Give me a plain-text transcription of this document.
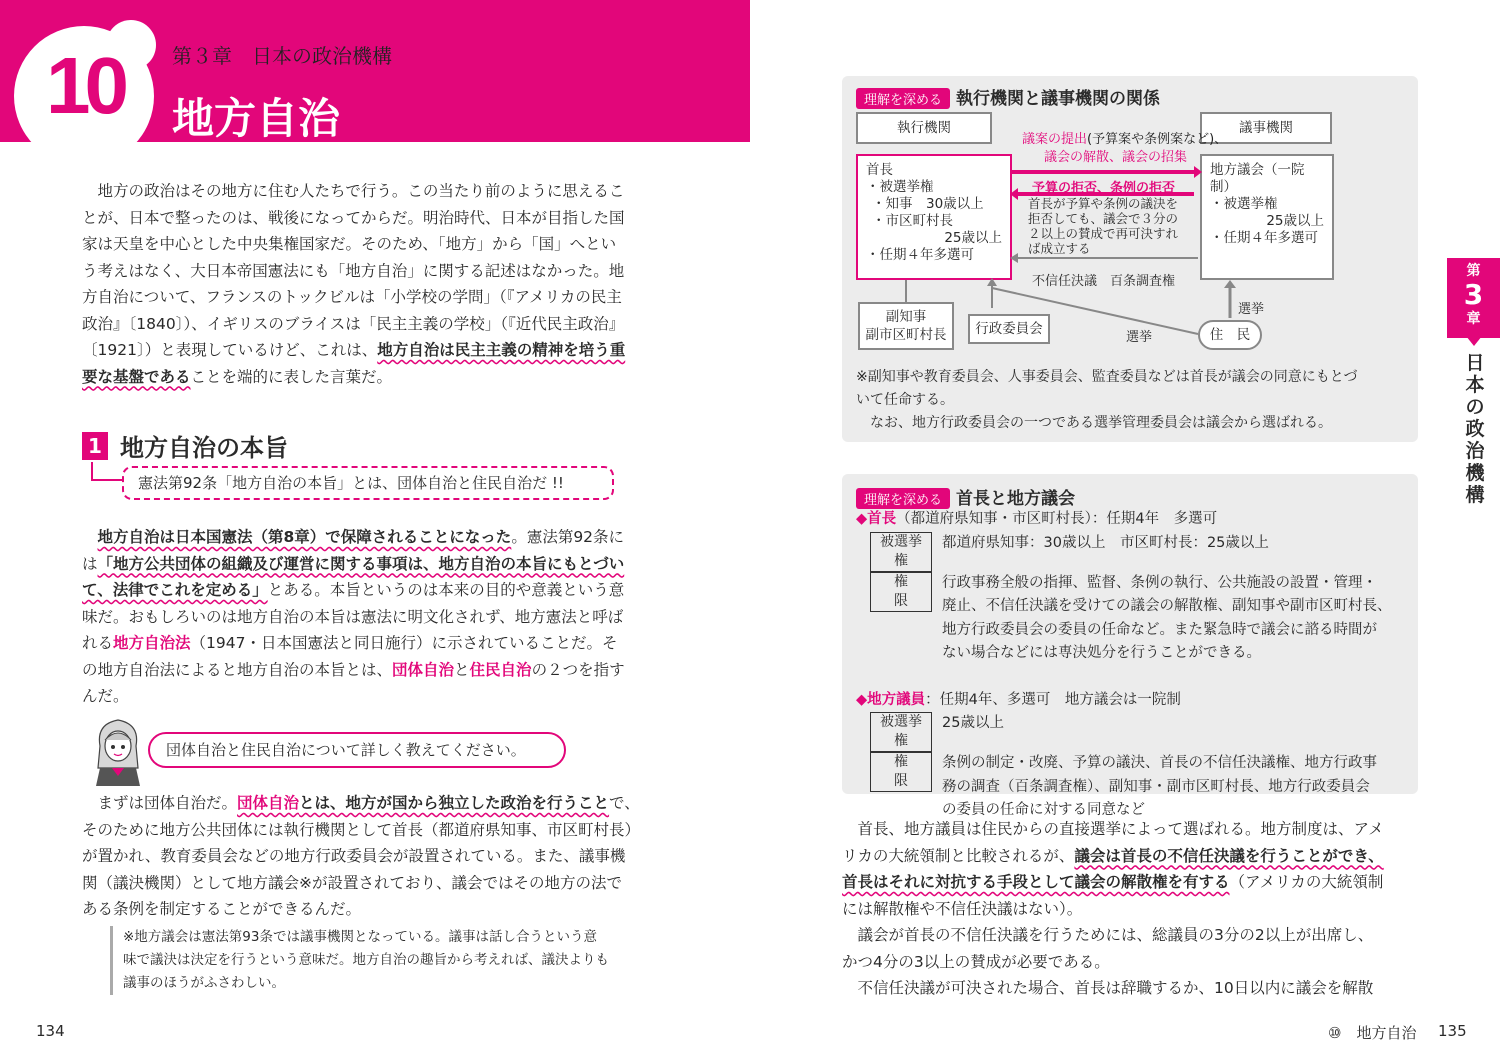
10	第３章　日本の政治機構
地方自治
　地方の政治はその地方に住む人たちで行う。この当たり前のように思えるこ
とが、日本で整ったのは、戦後になってからだ。明治時代、日本が目指した国
家は天皇を中心とした中央集権国家だ。そのため、「地方」から「国」へとい
う考えはなく、大日本帝国憲法にも「地方自治」に関する記述はなかった。地
方自治について、フランスのトックビルは「小学校の学問」（『アメリカの民主
政治』〔1840〕）、イギリスのブライスは「民主主義の学校」（『近代民主政治』
〔1921〕）と表現しているけど、これは、地方自治は民主主義の精神を培う重
要な基盤であることを端的に表した言葉だ。
1 地方自治の本旨
憲法第92条「地方自治の本旨」とは、団体自治と住民自治だ !!
　地方自治は日本国憲法（第8章）で保障されることになった。憲法第92条に
は「地方公共団体の組織及び運営に関する事項は、地方自治の本旨にもとづい
て、法律でこれを定める」とある。本旨というのは本来の目的や意義という意
味だ。おもしろいのは地方自治の本旨は憲法に明文化されず、地方憲法と呼ば
れる地方自治法（1947・日本国憲法と同日施行）に示されていることだ。そ
の地方自治法によると地方自治の本旨とは、団体自治と住民自治の２つを指す
んだ。
団体自治と住民自治について詳しく教えてください。
　まずは団体自治だ。団体自治とは、地方が国から独立した政治を行うことで、
そのために地方公共団体には執行機関として首長（都道府県知事、市区町村長）
が置かれ、教育委員会などの地方行政委員会が設置されている。また、議事機
関（議決機関）として地方議会※が設置されており、議会ではその地方の法で
ある条例を制定することができるんだ。
※地方議会は憲法第93条では議事機関となっている。議事は話し合うという意
味で議決は決定を行うという意味だ。地方自治の趣旨から考えれば、議決よりも
議事のほうがふさわしい。
134
理解を深める 執行機関と議事機関の関係
執行機関	議事機関
首長
・被選挙権
・知事　30歳以上
・市区町村長
25歳以上
・任期４年多選可
地方議会（一院制）
・被選挙権
25歳以上
・任期４年多選可
議案の提出(予算案や条例案など)、
議会の解散、議会の招集
予算の拒否、条例の拒否
首長が予算や条例の議決を
拒否しても、議会で３分の
２以上の賛成で再可決すれ
ば成立する
不信任決議　百条調査権
副知事
副市区町村長	行政委員会	住　民
選挙
選挙
※副知事や教育委員会、人事委員会、監査委員などは首長が議会の同意にもとづ
いて任命する。
　なお、地方行政委員会の一つである選挙管理委員会は議会から選ばれる。
理解を深める 首長と地方議会
◆首長（都道府県知事・市区町村長）：任期4年　多選可
被選挙権
都道府県知事：30歳以上　市区町村長：25歳以上
権　　限
行政事務全般の指揮、監督、条例の執行、公共施設の設置・管理・
廃止、不信任決議を受けての議会の解散権、副知事や副市区町村長、
地方行政委員会の委員の任命など。また緊急時で議会に諮る時間が
ない場合などには専決処分を行うことができる。
◆地方議員：任期4年、多選可　地方議会は一院制
被選挙権
25歳以上
権　　限
条例の制定・改廃、予算の議決、首長の不信任決議権、地方行政事
務の調査（百条調査権）、副知事・副市区町村長、地方行政委員会
の委員の任命に対する同意など
　首長、地方議員は住民からの直接選挙によって選ばれる。地方制度は、アメ
リカの大統領制と比較されるが、議会は首長の不信任決議を行うことができ、
首長はそれに対抗する手段として議会の解散権を有する（アメリカの大統領制
には解散権や不信任決議はない）。
　議会が首長の不信任決議を行うためには、総議員の3分の2以上が出席し、
かつ4分の3以上の賛成が必要である。
　不信任決議が可決された場合、首長は辞職するか、10日以内に議会を解散
第
3
章
日本の政治機構
⑩　地方自治 135
